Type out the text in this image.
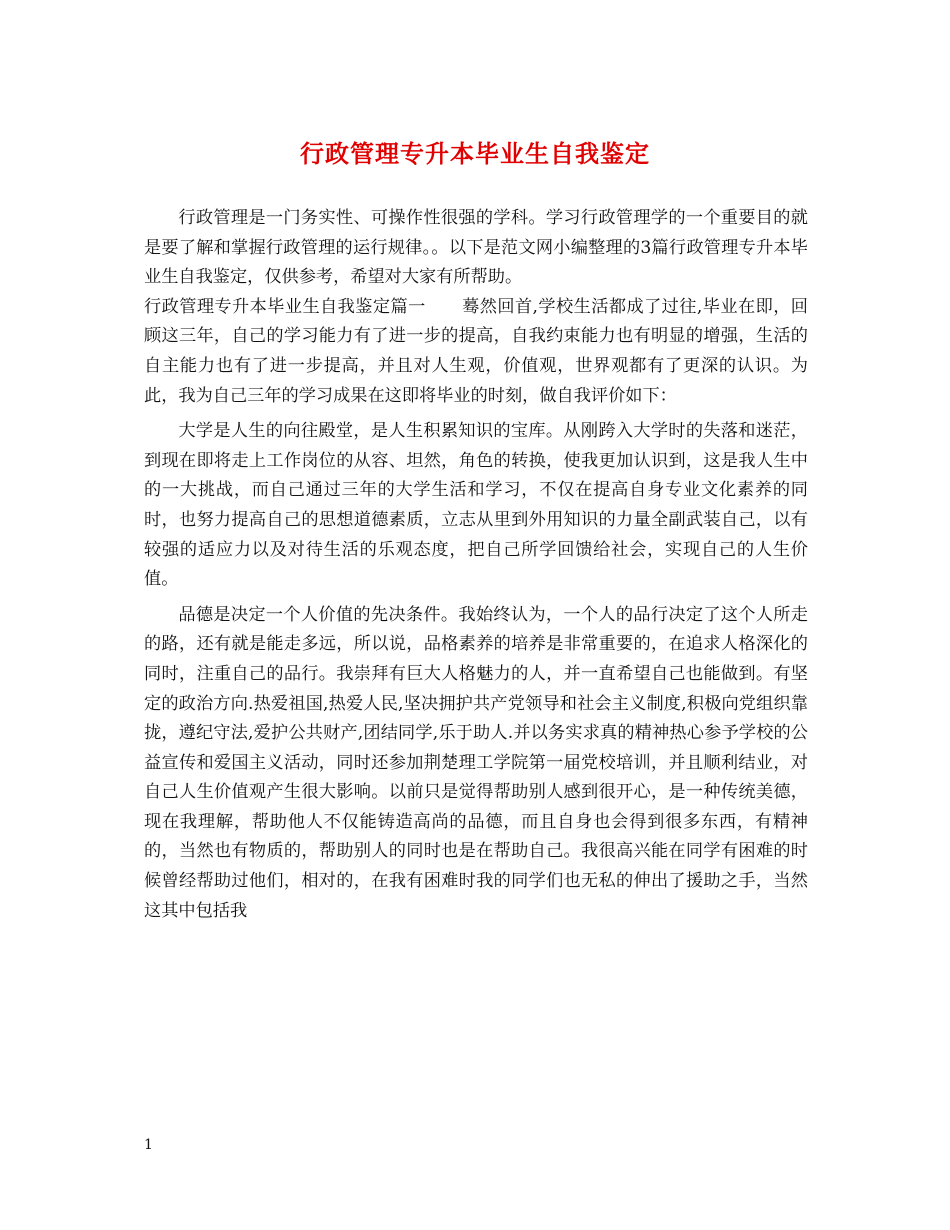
行政管理专升本毕业生自我鉴定

行政管理是一门务实性、可操作性很强的学科。学习行政管理学的一个重要目的就是要了解和掌握行政管理的运行规律。。以下是范文网小编整理的3篇行政管理专升本毕业生自我鉴定，仅供参考，希望对大家有所帮助。

行政管理专升本毕业生自我鉴定篇一 蓦然回首,学校生活都成了过往,毕业在即，回顾这三年，自己的学习能力有了进一步的提高，自我约束能力也有明显的增强，生活的自主能力也有了进一步提高，并且对人生观，价值观，世界观都有了更深的认识。为此，我为自己三年的学习成果在这即将毕业的时刻，做自我评价如下：

大学是人生的向往殿堂，是人生积累知识的宝库。从刚跨入大学时的失落和迷茫，到现在即将走上工作岗位的从容、坦然，角色的转换，使我更加认识到，这是我人生中的一大挑战，而自己通过三年的大学生活和学习，不仅在提高自身专业文化素养的同时，也努力提高自己的思想道德素质，立志从里到外用知识的力量全副武装自己，以有较强的适应力以及对待生活的乐观态度，把自己所学回馈给社会，实现自己的人生价值。

品德是决定一个人价值的先决条件。我始终认为，一个人的品行决定了这个人所走的路，还有就是能走多远，所以说，品格素养的培养是非常重要的，在追求人格深化的同时，注重自己的品行。我崇拜有巨大人格魅力的人，并一直希望自己也能做到。有坚定的政治方向.热爱祖国,热爱人民,坚决拥护共产党领导和社会主义制度,积极向党组织靠拢，遵纪守法,爱护公共财产,团结同学,乐于助人.并以务实求真的精神热心参予学校的公益宣传和爱国主义活动，同时还参加荆楚理工学院第一届党校培训，并且顺利结业，对自己人生价值观产生很大影响。以前只是觉得帮助别人感到很开心，是一种传统美德，现在我理解，帮助他人不仅能铸造高尚的品德，而且自身也会得到很多东西，有精神的，当然也有物质的，帮助别人的同时也是在帮助自己。我很高兴能在同学有困难的时候曾经帮助过他们，相对的，在我有困难时我的同学们也无私的伸出了援助之手，当然这其中包括我

1
